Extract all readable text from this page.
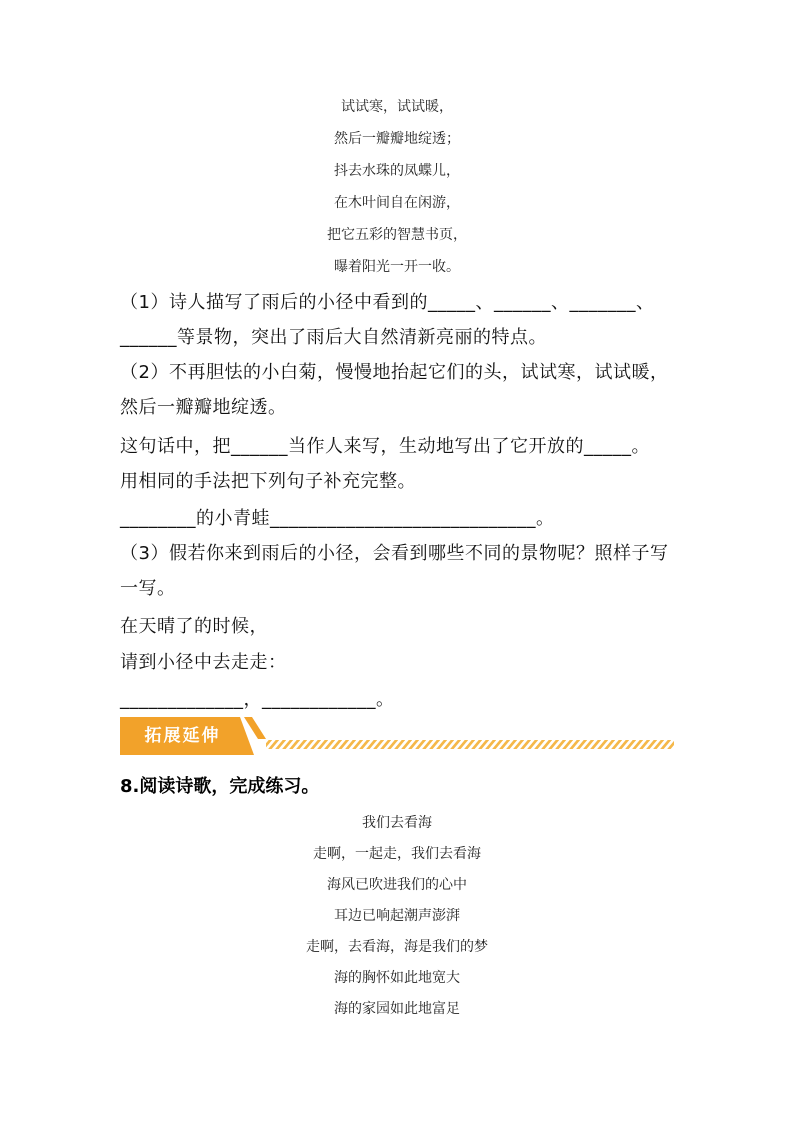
试试寒，试试暖，
然后一瓣瓣地绽透；
抖去水珠的凤蝶儿，
在木叶间自在闲游，
把它五彩的智慧书页，
曝着阳光一开一收。
（1）诗人描写了雨后的小径中看到的_____、______、_______、
______等景物，突出了雨后大自然清新亮丽的特点。
（2）不再胆怯的小白菊，慢慢地抬起它们的头，试试寒，试试暖，
然后一瓣瓣地绽透。
这句话中，把______当作人来写，生动地写出了它开放的_____。
用相同的手法把下列句子补充完整。
________的小青蛙____________________________。
（3）假若你来到雨后的小径，会看到哪些不同的景物呢？照样子写
一写。
在天晴了的时候，
请到小径中去走走：
_____________，____________。
拓展延伸
8.阅读诗歌，完成练习。
我们去看海
走啊，一起走，我们去看海
海风已吹进我们的心中
耳边已响起潮声澎湃
走啊，去看海，海是我们的梦
海的胸怀如此地宽大
海的家园如此地富足
